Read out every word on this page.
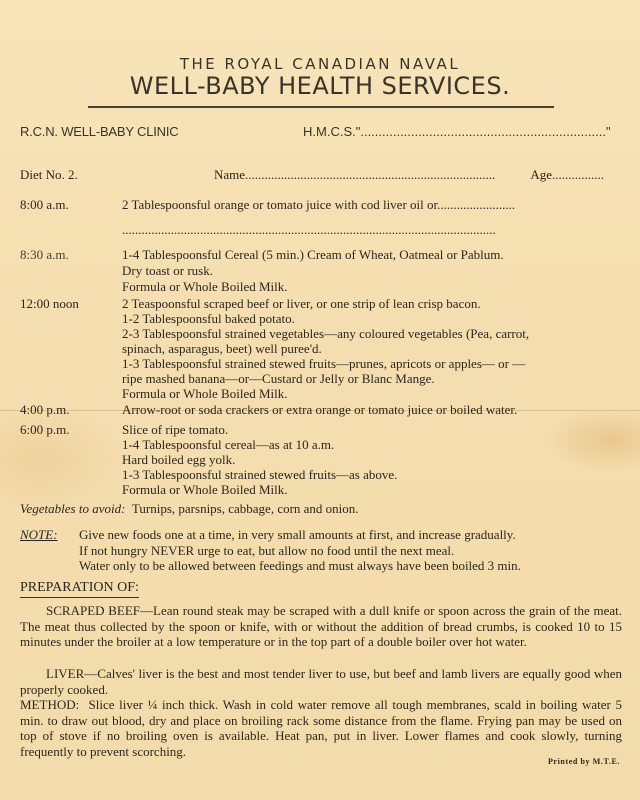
THE ROYAL CANADIAN NAVAL
WELL-BABY HEALTH SERVICES.
R.C.N. WELL-BABY CLINIC	H.M.C.S." ...................................................................."
Diet No. 2.	Name .............................................................................	Age ................
8:00 a.m.	2 Tablespoonsful orange or tomato juice with cod liver oil or........................
...................................................................................................................
8:30 a.m.	1-4 Tablespoonsful Cereal (5 min.) Cream of Wheat, Oatmeal or Pablum.
Dry toast or rusk.
Formula or Whole Boiled Milk.
12:00 noon	2 Teaspoonsful scraped beef or liver, or one strip of lean crisp bacon.
1-2 Tablespoonsful baked potato.
2-3 Tablespoonsful strained vegetables—any coloured vegetables (Pea, carrot,
spinach, asparagus, beet) well puree'd.
1-3 Tablespoonsful strained stewed fruits—prunes, apricots or apples— or —
ripe mashed banana—or—Custard or Jelly or Blanc Mange.
Formula or Whole Boiled Milk.
4:00 p.m.	Arrow-root or soda crackers or extra orange or tomato juice or boiled water.
6:00 p.m.	Slice of ripe tomato.
1-4 Tablespoonsful cereal—as at 10 a.m.
Hard boiled egg yolk.
1-3 Tablespoonsful strained stewed fruits—as above.
Formula or Whole Boiled Milk.
Vegetables to avoid: Turnips, parsnips, cabbage, corn and onion.
NOTE: Give new foods one at a time, in very small amounts at first, and increase gradually.
If not hungry NEVER urge to eat, but allow no food until the next meal.
Water only to be allowed between feedings and must always have been boiled 3 min.
PREPARATION OF:
SCRAPED BEEF—Lean round steak may be scraped with a dull knife or spoon across the grain of the meat. The meat thus collected by the spoon or knife, with or without the addition of bread crumbs, is cooked 10 to 15 minutes under the broiler at a low temperature or in the top part of a double boiler over hot water.
LIVER—Calves' liver is the best and most tender liver to use, but beef and lamb livers are equally good when properly cooked.
METHOD: Slice liver ¼ inch thick. Wash in cold water remove all tough membranes, scald in boiling water 5 min. to draw out blood, dry and place on broiling rack some distance from the flame. Frying pan may be used on top of stove if no broiling oven is available. Heat pan, put in liver. Lower flames and cook slowly, turning frequently to prevent scorching.
Printed by M.T.E.
